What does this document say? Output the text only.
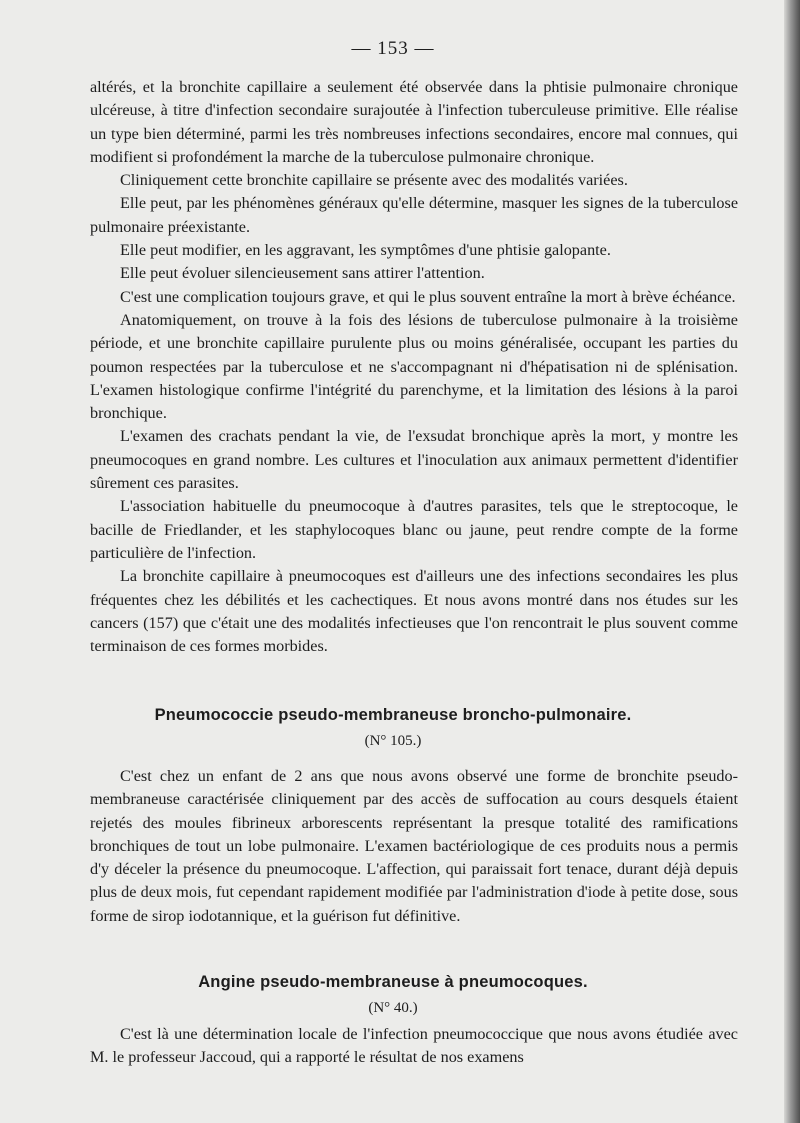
— 153 —

altérés, et la bronchite capillaire a seulement été observée dans la phtisie pulmonaire chronique ulcéreuse, à titre d'infection secondaire surajoutée à l'infection tuberculeuse primitive. Elle réalise un type bien déterminé, parmi les très nombreuses infections secondaires, encore mal connues, qui modifient si profondément la marche de la tuberculose pulmonaire chronique.

Cliniquement cette bronchite capillaire se présente avec des modalités variées.

Elle peut, par les phénomènes généraux qu'elle détermine, masquer les signes de la tuberculose pulmonaire préexistante.

Elle peut modifier, en les aggravant, les symptômes d'une phtisie galopante.

Elle peut évoluer silencieusement sans attirer l'attention.

C'est une complication toujours grave, et qui le plus souvent entraîne la mort à brève échéance.

Anatomiquement, on trouve à la fois des lésions de tuberculose pulmonaire à la troisième période, et une bronchite capillaire purulente plus ou moins généralisée, occupant les parties du poumon respectées par la tuberculose et ne s'accompagnant ni d'hépatisation ni de splénisation. L'examen histologique confirme l'intégrité du parenchyme, et la limitation des lésions à la paroi bronchique.

L'examen des crachats pendant la vie, de l'exsudat bronchique après la mort, y montre les pneumocoques en grand nombre. Les cultures et l'inoculation aux animaux permettent d'identifier sûrement ces parasites.

L'association habituelle du pneumocoque à d'autres parasites, tels que le streptocoque, le bacille de Friedlander, et les staphylocoques blanc ou jaune, peut rendre compte de la forme particulière de l'infection.

La bronchite capillaire à pneumocoques est d'ailleurs une des infections secondaires les plus fréquentes chez les débilités et les cachectiques. Et nous avons montré dans nos études sur les cancers (157) que c'était une des modalités infectieuses que l'on rencontrait le plus souvent comme terminaison de ces formes morbides.

Pneumococcie pseudo-membraneuse broncho-pulmonaire.
(N° 105.)

C'est chez un enfant de 2 ans que nous avons observé une forme de bronchite pseudo-membraneuse caractérisée cliniquement par des accès de suffocation au cours desquels étaient rejetés des moules fibrineux arborescents représentant la presque totalité des ramifications bronchiques de tout un lobe pulmonaire. L'examen bactériologique de ces produits nous a permis d'y déceler la présence du pneumocoque. L'affection, qui paraissait fort tenace, durant déjà depuis plus de deux mois, fut cependant rapidement modifiée par l'administration d'iode à petite dose, sous forme de sirop iodotannique, et la guérison fut définitive.

Angine pseudo-membraneuse à pneumocoques.
(N° 40.)

C'est là une détermination locale de l'infection pneumococcique que nous avons étudiée avec M. le professeur Jaccoud, qui a rapporté le résultat de nos examens
